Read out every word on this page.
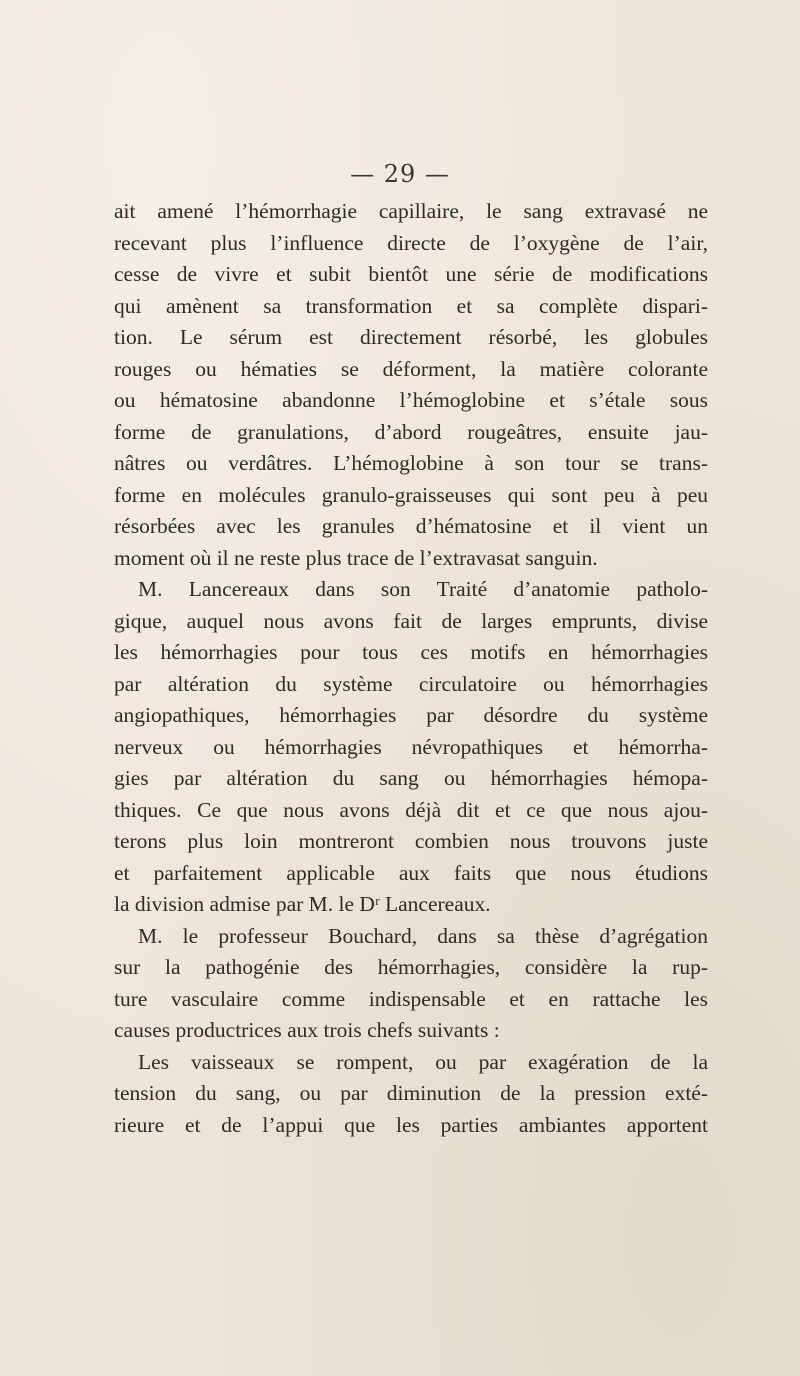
— 29 —
ait amené l’hémorrhagie capillaire, le sang extravasé ne
recevant plus l’influence directe de l’oxygène de l’air,
cesse de vivre et subit bientôt une série de modifications
qui amènent sa transformation et sa complète dispari-
tion. Le sérum est directement résorbé, les globules
rouges ou hématies se déforment, la matière colorante
ou hématosine abandonne l’hémoglobine et s’étale sous
forme de granulations, d’abord rougeâtres, ensuite jau-
nâtres ou verdâtres. L’hémoglobine à son tour se trans-
forme en molécules granulo-graisseuses qui sont peu à peu
résorbées avec les granules d’hématosine et il vient un
moment où il ne reste plus trace de l’extravasat sanguin.
M. Lancereaux dans son Traité d’anatomie patholo-
gique, auquel nous avons fait de larges emprunts, divise
les hémorrhagies pour tous ces motifs en hémorrhagies
par altération du système circulatoire ou hémorrhagies
angiopathiques, hémorrhagies par désordre du système
nerveux ou hémorrhagies névropathiques et hémorrha-
gies par altération du sang ou hémorrhagies hémopa-
thiques. Ce que nous avons déjà dit et ce que nous ajou-
terons plus loin montreront combien nous trouvons juste
et parfaitement applicable aux faits que nous étudions
la division admise par M. le Dʳ Lancereaux.
M. le professeur Bouchard, dans sa thèse d’agrégation
sur la pathogénie des hémorrhagies, considère la rup-
ture vasculaire comme indispensable et en rattache les
causes productrices aux trois chefs suivants :
Les vaisseaux se rompent, ou par exagération de la
tension du sang, ou par diminution de la pression exté-
rieure et de l’appui que les parties ambiantes apportent
